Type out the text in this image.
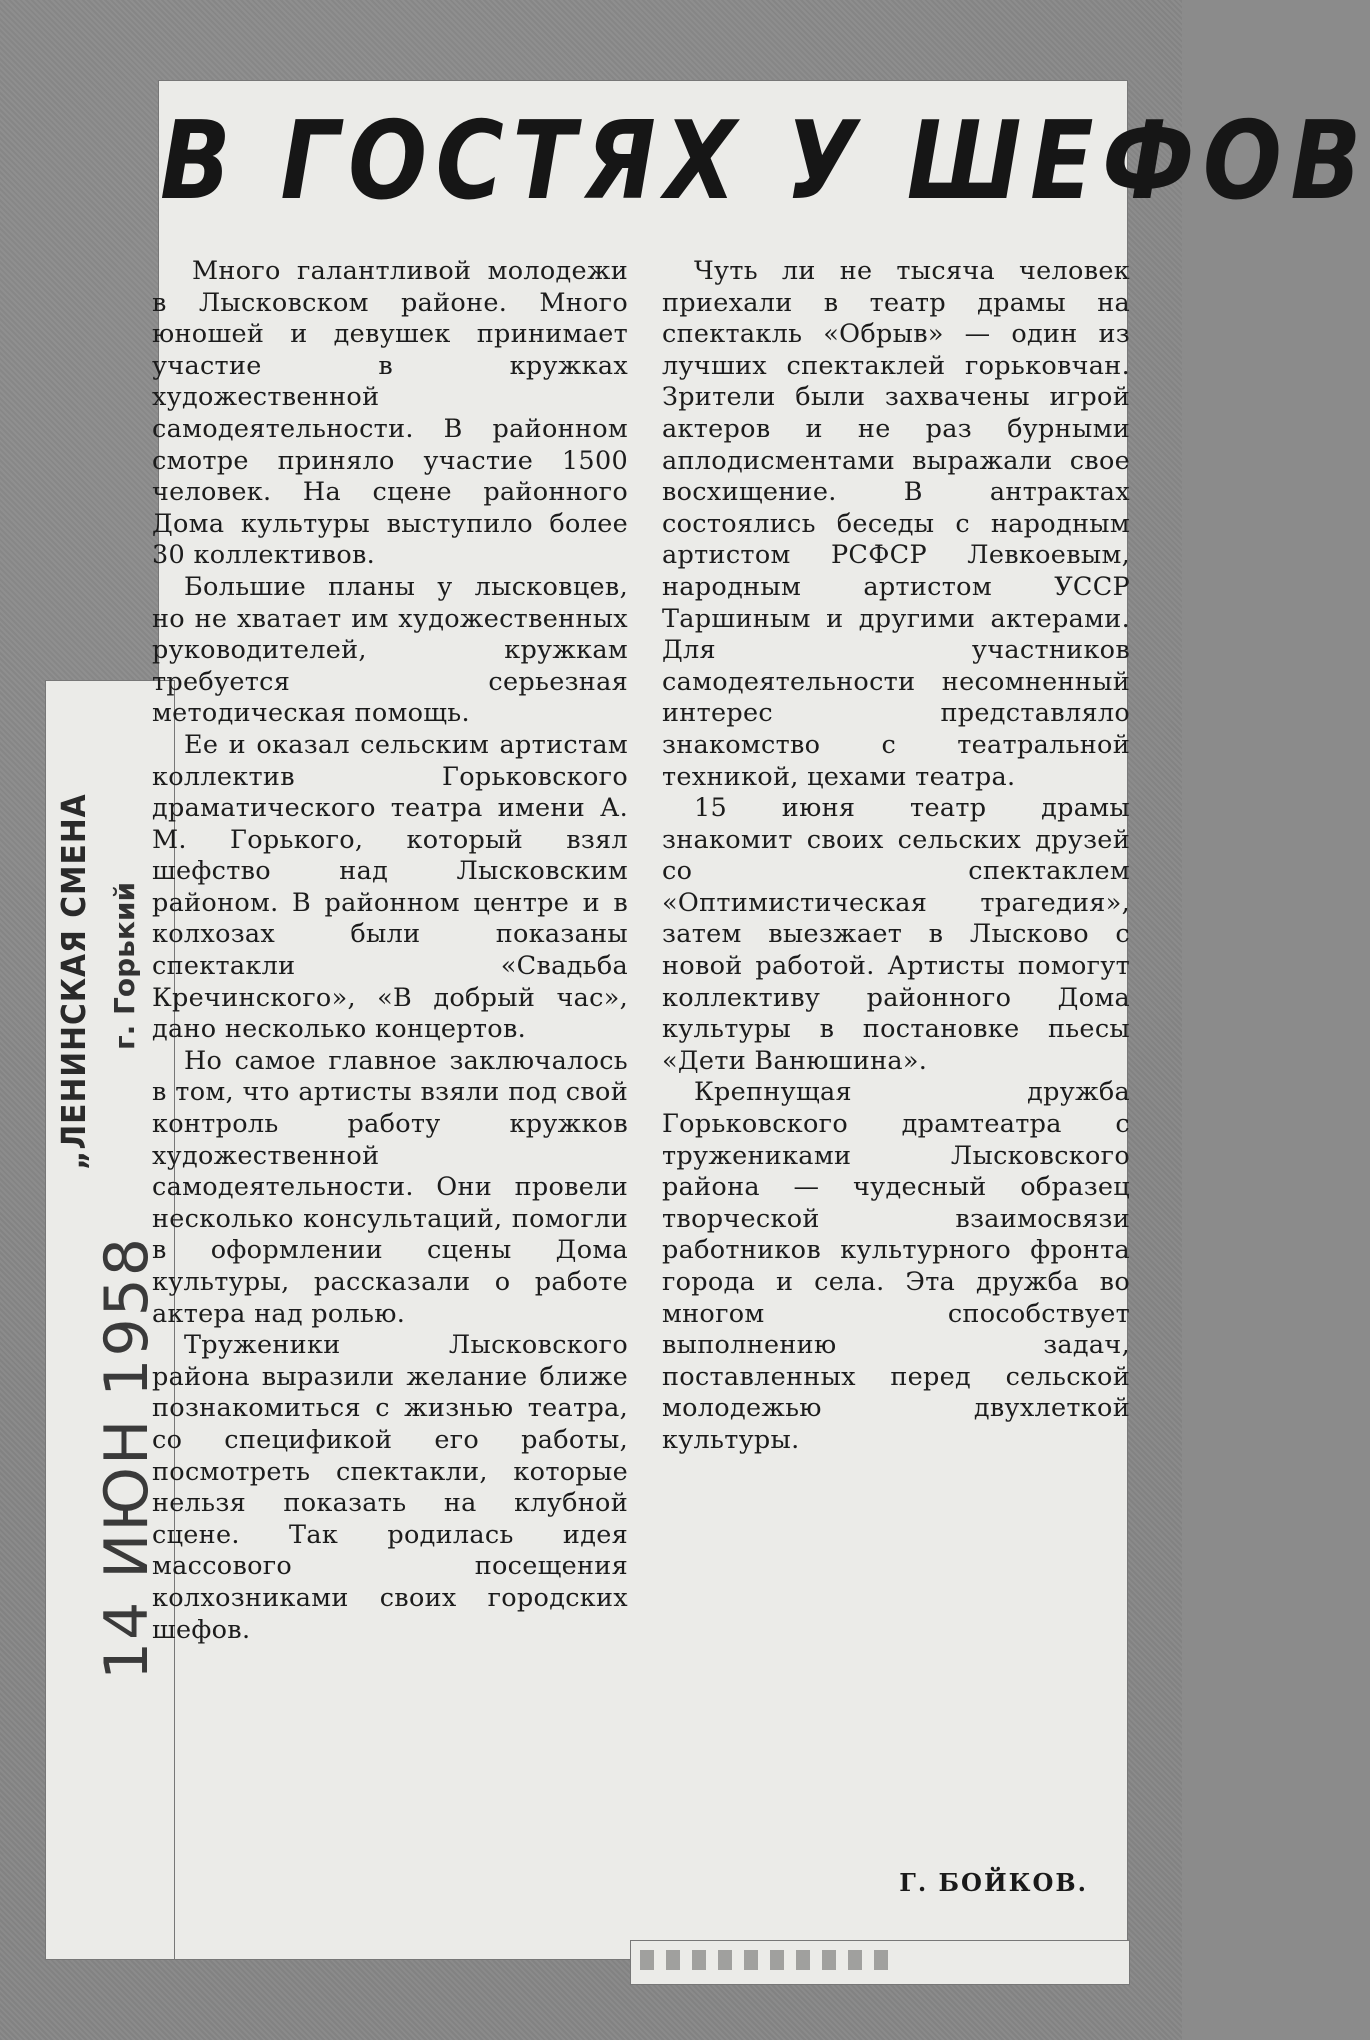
В ГОСТЯХ У ШЕФОВ
„ЛЕНИНСКАЯ СМЕНА г. Горький
14 ИЮН 1958

Много галантливой молодежи в Лысковском районе. Много юношей и девушек принимает участие в кружках художественной самодеятельности. В районном смотре приняло участие 1500 человек. На сцене районного Дома культуры выступило более 30 коллективов.

Большие планы у лысковцев, но не хватает им художественных руководителей, кружкам требуется серьезная методическая помощь.

Ее и оказал сельским артистам коллектив Горьковского драматического театра имени А. М. Горького, который взял шефство над Лысковским районом. В районном центре и в колхозах были показаны спектакли «Свадьба Кречинского», «В добрый час», дано несколько концертов.

Но самое главное заключалось в том, что артисты взяли под свой контроль работу кружков художественной самодеятельности. Они провели несколько консультаций, помогли в оформлении сцены Дома культуры, рассказали о работе актера над ролью.

Труженики Лысковского района выразили желание ближе познакомиться с жизнью театра, со спецификой его работы, посмотреть спектакли, которые нельзя показать на клубной сцене. Так родилась идея массового посещения колхозниками своих городских шефов.

Чуть ли не тысяча человек приехали в театр драмы на спектакль «Обрыв» — один из лучших спектаклей горьковчан. Зрители были захвачены игрой актеров и не раз бурными аплодисментами выражали свое восхищение. В антрактах состоялись беседы с народным артистом РСФСР Левкоевым, народным артистом УССР Таршиным и другими актерами. Для участников самодеятельности несомненный интерес представляло знакомство с театральной техникой, цехами театра.

15 июня театр драмы знакомит своих сельских друзей со спектаклем «Оптимистическая трагедия», затем выезжает в Лысково с новой работой. Артисты помогут коллективу районного Дома культуры в постановке пьесы «Дети Ванюшина».

Крепнущая дружба Горьковского драмтеатра с тружениками Лысковского района — чудесный образец творческой взаимосвязи работников культурного фронта города и села. Эта дружба во многом способствует выполнению задач, поставленных перед сельской молодежью двухлеткой культуры.

Г. БОЙКОВ.
